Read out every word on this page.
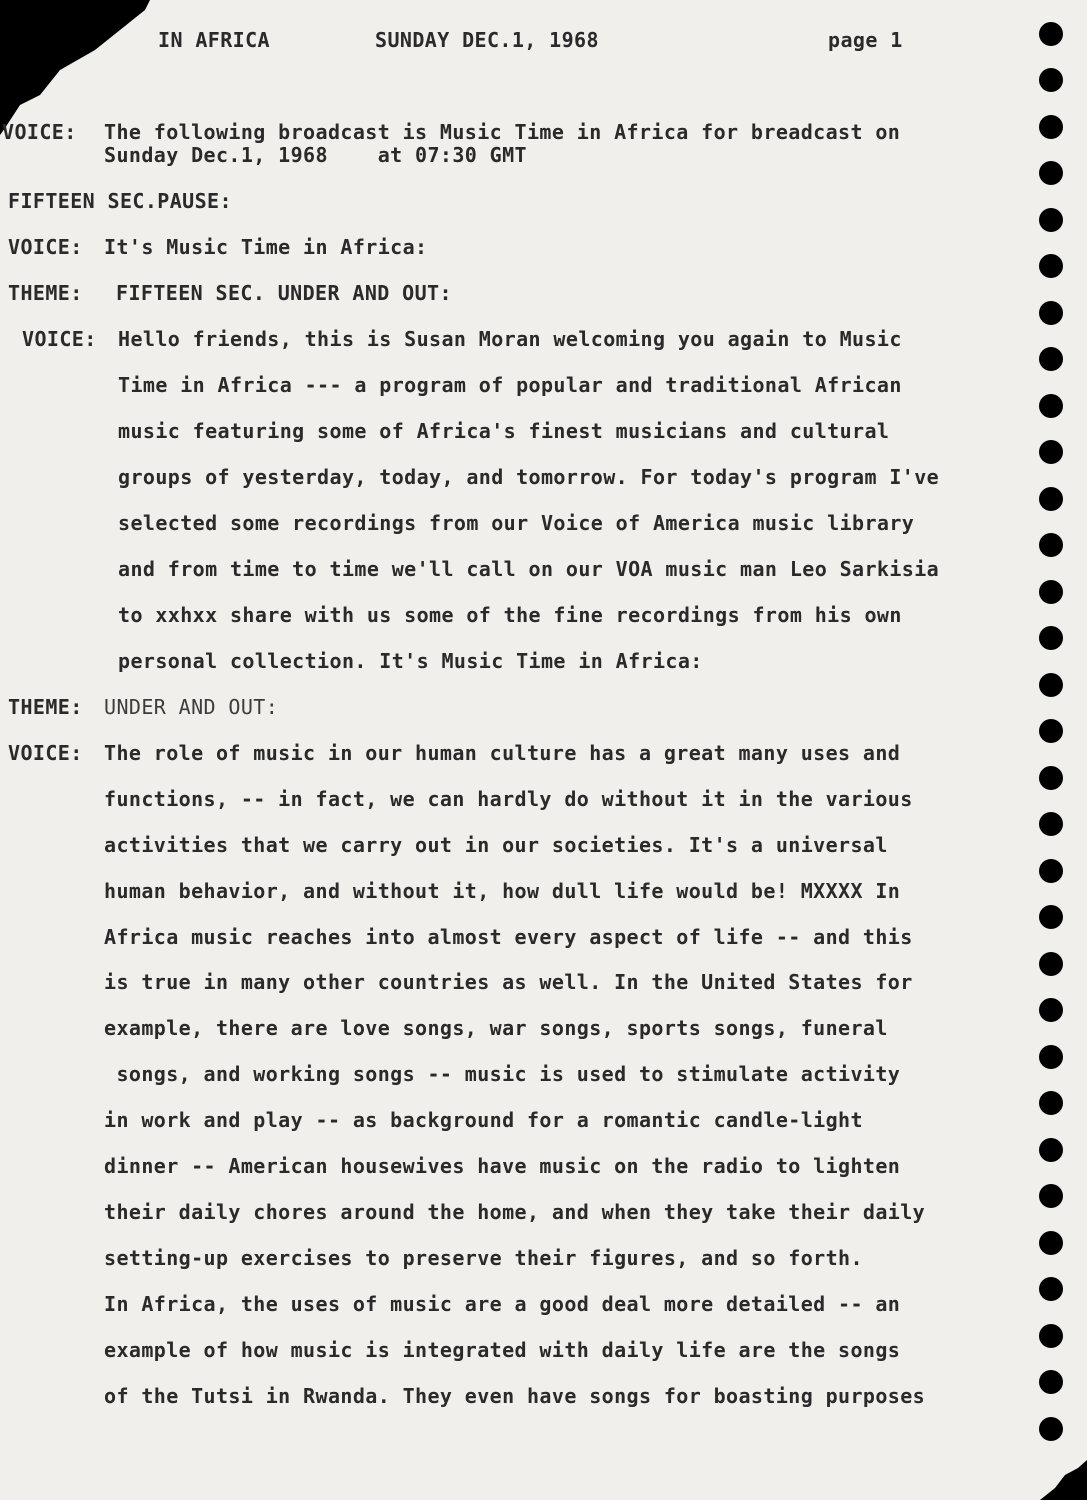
IN AFRICA	SUNDAY DEC.1, 1968	page 1
VOICE: The following broadcast is Music Time in Africa for breadcast on
Sunday Dec.1, 1968    at 07:30 GMT
FIFTEEN SEC.PAUSE:
VOICE: It's Music Time in Africa:
THEME: FIFTEEN SEC. UNDER AND OUT:
VOICE: Hello friends, this is Susan Moran welcoming you again to Music
Time in Africa --- a program of popular and traditional African
music featuring some of Africa's finest musicians and cultural
groups of yesterday, today, and tomorrow. For today's program I've
selected some recordings from our Voice of America music library
and from time to time we'll call on our VOA music man Leo Sarkisia
to xxhxx share with us some of the fine recordings from his own
personal collection. It's Music Time in Africa:
THEME: UNDER AND OUT:
VOICE: The role of music in our human culture has a great many uses and
functions, -- in fact, we can hardly do without it in the various
activities that we carry out in our societies. It's a universal
human behavior, and without it, how dull life would be! MXXXX In
Africa music reaches into almost every aspect of life -- and this
is true in many other countries as well. In the United States for
example, there are love songs, war songs, sports songs, funeral
songs, and working songs -- music is used to stimulate activity
in work and play -- as background for a romantic candle-light
dinner -- American housewives have music on the radio to lighten
their daily chores around the home, and when they take their daily
setting-up exercises to preserve their figures, and so forth.
In Africa, the uses of music are a good deal more detailed -- an
example of how music is integrated with daily life are the songs
of the Tutsi in Rwanda. They even have songs for boasting purposes
